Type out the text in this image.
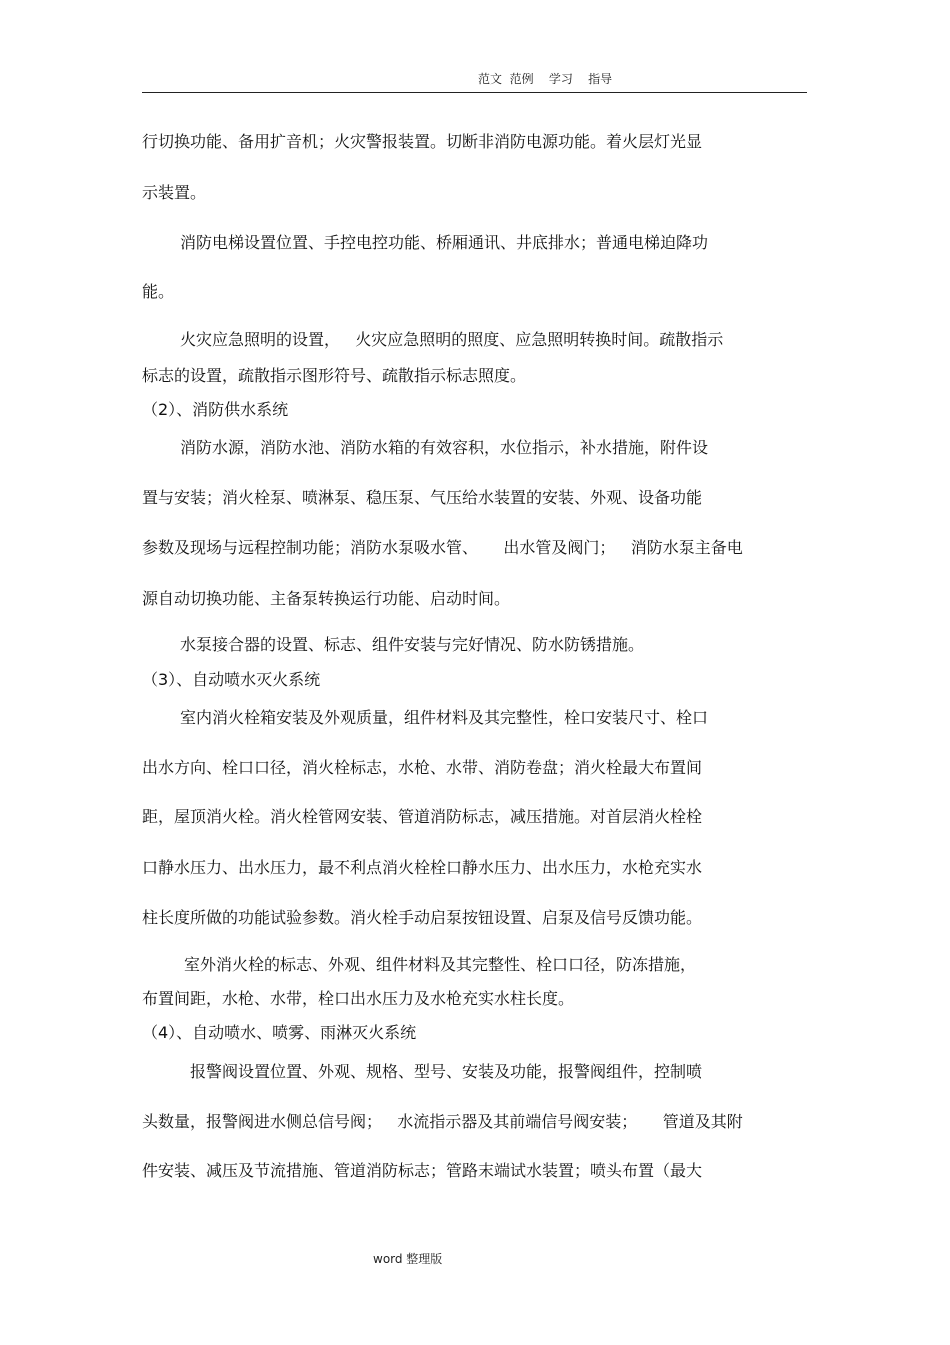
范文  范例    学习    指导
行切换功能、备用扩音机；火灾警报装置。切断非消防电源功能。着火层灯光显
示装置。
消防电梯设置位置、手控电控功能、桥厢通讯、井底排水；普通电梯迫降功
能。
火灾应急照明的设置，   火灾应急照明的照度、应急照明转换时间。疏散指示
标志的设置，疏散指示图形符号、疏散指示标志照度。
（2）、消防供水系统
消防水源，消防水池、消防水箱的有效容积，水位指示，补水措施，附件设
置与安装；消火栓泵、喷淋泵、稳压泵、气压给水装置的安装、外观、设备功能
参数及现场与远程控制功能；消防水泵吸水管、     出水管及阀门；   消防水泵主备电
源自动切换功能、主备泵转换运行功能、启动时间。
水泵接合器的设置、标志、组件安装与完好情况、防水防锈措施。
（3）、自动喷水灭火系统
室内消火栓箱安装及外观质量，组件材料及其完整性，栓口安装尺寸、栓口
出水方向、栓口口径，消火栓标志，水枪、水带、消防卷盘；消火栓最大布置间
距，屋顶消火栓。消火栓管网安装、管道消防标志，减压措施。对首层消火栓栓
口静水压力、出水压力，最不利点消火栓栓口静水压力、出水压力，水枪充实水
柱长度所做的功能试验参数。消火栓手动启泵按钮设置、启泵及信号反馈功能。
室外消火栓的标志、外观、组件材料及其完整性、栓口口径，防冻措施，
布置间距，水枪、水带，栓口出水压力及水枪充实水柱长度。
（4）、自动喷水、喷雾、雨淋灭火系统
报警阀设置位置、外观、规格、型号、安装及功能，报警阀组件，控制喷
头数量，报警阀进水侧总信号阀；   水流指示器及其前端信号阀安装；     管道及其附
件安装、减压及节流措施、管道消防标志；管路末端试水装置；喷头布置（最大
word 整理版
